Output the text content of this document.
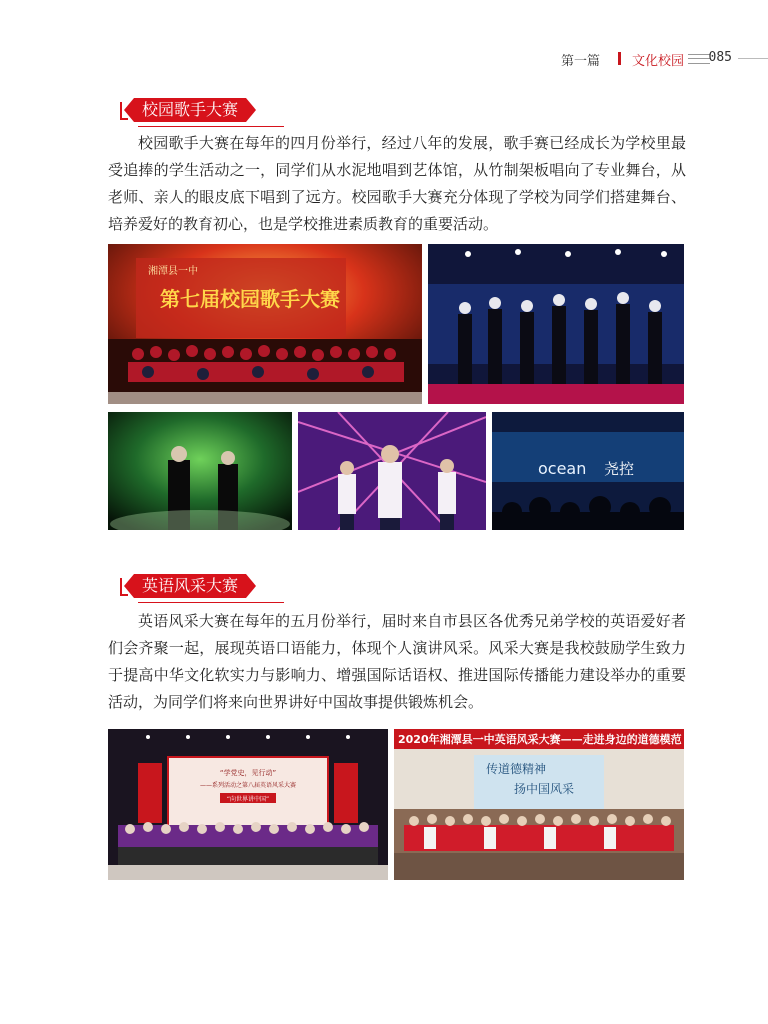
第一篇 文化校园 085
校园歌手大赛

校园歌手大赛在每年的四月份举行，经过八年的发展，歌手赛已经成长为学校里最受追捧的学生活动之一，同学们从水泥地唱到艺体馆，从竹制架板唱向了专业舞台，从老师、亲人的眼皮底下唱到了远方。校园歌手大赛充分体现了学校为同学们搭建舞台、培养爱好的教育初心，也是学校推进素质教育的重要活动。

湘潭县一中
第七届校园歌手大赛
ocean 尧控
英语风采大赛

英语风采大赛在每年的五月份举行，届时来自市县区各优秀兄弟学校的英语爱好者们会齐聚一起，展现英语口语能力，体现个人演讲风采。风采大赛是我校鼓励学生致力于提高中华文化软实力与影响力、增强国际话语权、推进国际传播能力建设举办的重要活动，为同学们将来向世界讲好中国故事提供锻炼机会。

“学党史，见行动”
——系列活动之第八届英语风采大赛
“向世界讲中国”
2020年湘潭县一中英语风采大赛——走进身边的道德模范
传道德精神
扬中国风采
